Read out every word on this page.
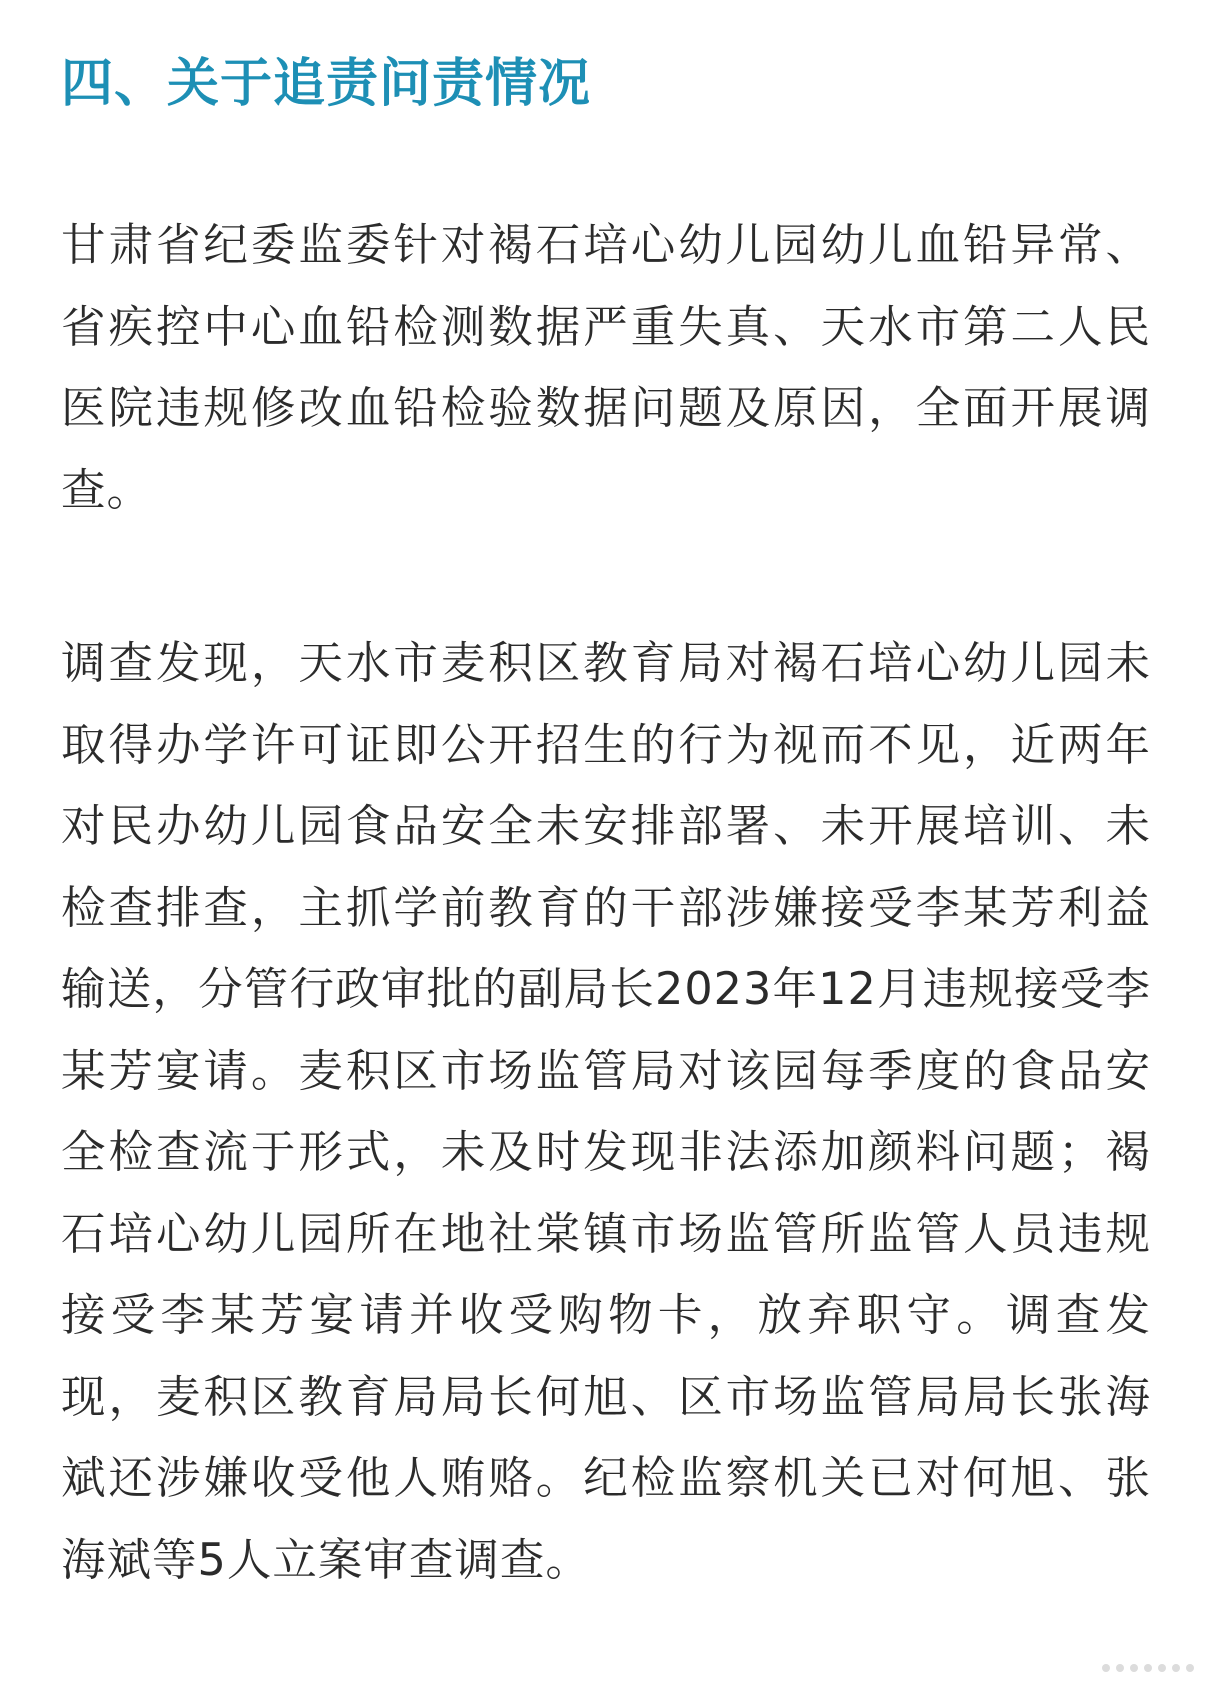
四、关于追责问责情况

甘肃省纪委监委针对褐石培心幼儿园幼儿血铅异常、省疾控中心血铅检测数据严重失真、天水市第二人民医院违规修改血铅检验数据问题及原因，全面开展调查。

调查发现，天水市麦积区教育局对褐石培心幼儿园未取得办学许可证即公开招生的行为视而不见，近两年对民办幼儿园食品安全未安排部署、未开展培训、未检查排查，主抓学前教育的干部涉嫌接受李某芳利益输送，分管行政审批的副局长2023年12月违规接受李某芳宴请。麦积区市场监管局对该园每季度的食品安全检查流于形式，未及时发现非法添加颜料问题；褐石培心幼儿园所在地社棠镇市场监管所监管人员违规接受李某芳宴请并收受购物卡，放弃职守。调查发现，麦积区教育局局长何旭、区市场监管局局长张海斌还涉嫌收受他人贿赂。纪检监察机关已对何旭、张海斌等5人立案审查调查。
